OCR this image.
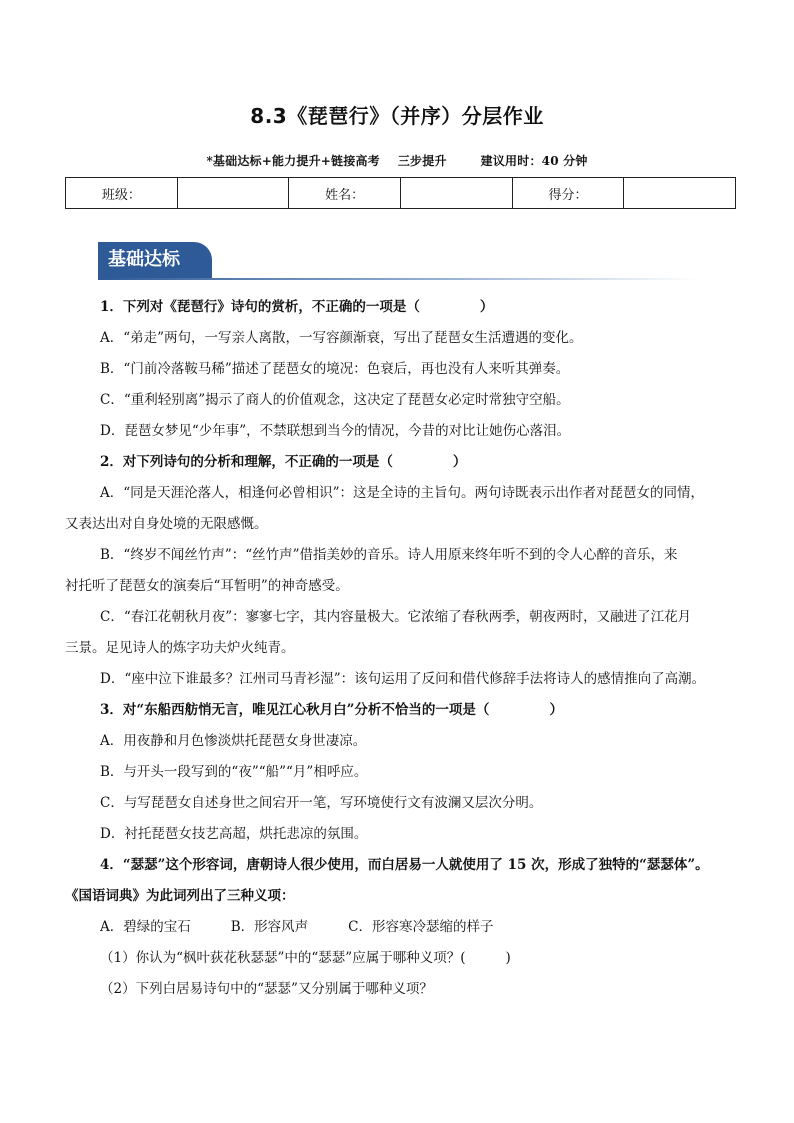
8.3《琵琶行》（并序）分层作业
*基础达标+能力提升+链接高考 三步提升	建议用时：40 分钟
班级：		姓名：		得分：	
基础达标
1．下列对《琵琶行》诗句的赏析，不正确的一项是（	）
A．“弟走”两句，一写亲人离散，一写容颜渐衰，写出了琵琶女生活遭遇的变化。
B．“门前冷落鞍马稀”描述了琵琶女的境况：色衰后，再也没有人来听其弹奏。
C．“重利轻别离”揭示了商人的价值观念，这决定了琵琶女必定时常独守空船。
D．琵琶女梦见“少年事”，不禁联想到当今的情况，今昔的对比让她伤心落泪。
2．对下列诗句的分析和理解，不正确的一项是（	）
A．“同是天涯沦落人，相逢何必曾相识”：这是全诗的主旨句。两句诗既表示出作者对琵琶女的同情，
又表达出对自身处境的无限感慨。
B．“终岁不闻丝竹声”：“丝竹声”借指美妙的音乐。诗人用原来终年听不到的令人心醉的音乐，来
衬托听了琵琶女的演奏后“耳暂明”的神奇感受。
C．“春江花朝秋月夜”：寥寥七字，其内容量极大。它浓缩了春秋两季，朝夜两时，又融进了江花月
三景。足见诗人的炼字功夫炉火纯青。
D．“座中泣下谁最多？江州司马青衫湿”：该句运用了反问和借代修辞手法将诗人的感情推向了高潮。
3．对“东船西舫悄无言，唯见江心秋月白”分析不恰当的一项是（	）
A．用夜静和月色惨淡烘托琵琶女身世凄凉。
B．与开头一段写到的“夜”“船”“月”相呼应。
C．与写琵琶女自述身世之间宕开一笔，写环境使行文有波澜又层次分明。
D．衬托琵琶女技艺高超，烘托悲凉的氛围。
4．“瑟瑟”这个形容词，唐朝诗人很少使用，而白居易一人就使用了 15 次，形成了独特的“瑟瑟体”。
《国语词典》为此词列出了三种义项：
A．碧绿的宝石	B．形容风声	C．形容寒冷瑟缩的样子
（1）你认为“枫叶荻花秋瑟瑟”中的“瑟瑟”应属于哪种义项？(	)
（2）下列白居易诗句中的“瑟瑟”又分别属于哪种义项？
